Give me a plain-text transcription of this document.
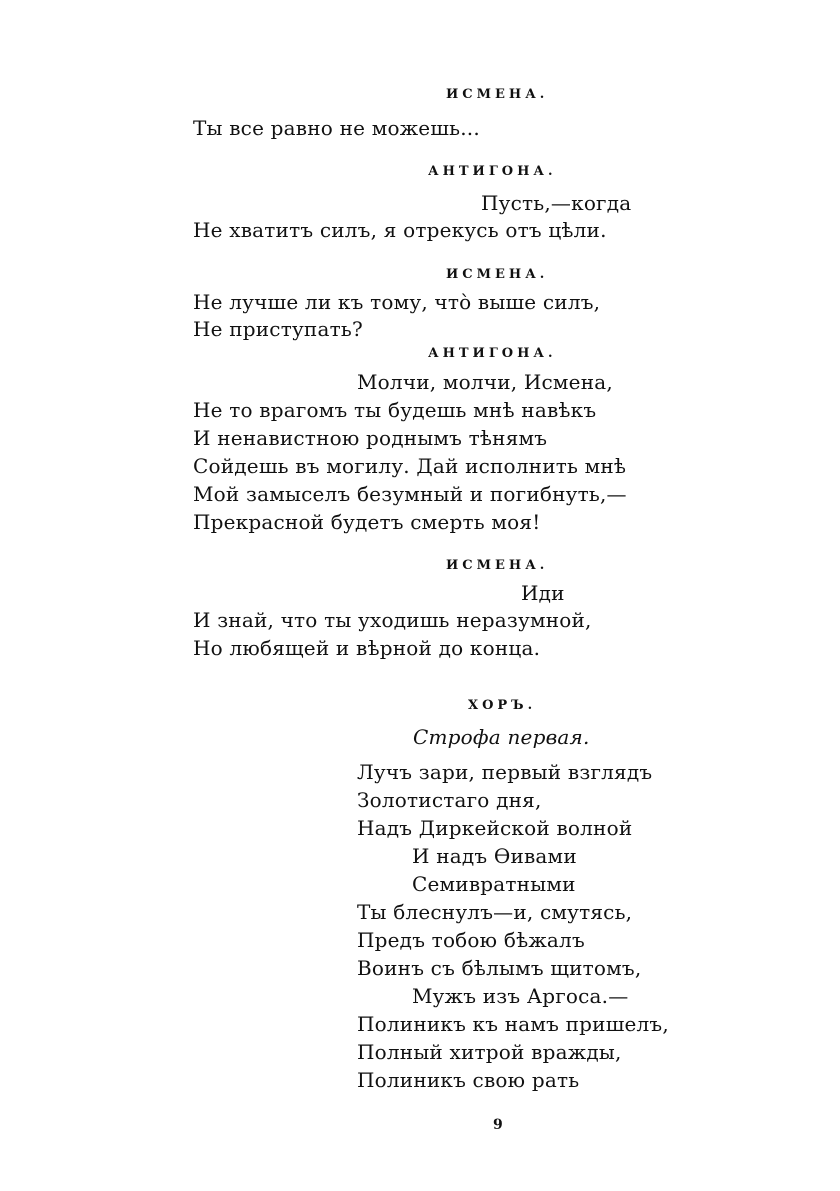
ИСМЕНА.
Ты все равно не можешь...
АНТИГОНА.
Пусть,—когда
Не хватитъ силъ, я отрекусь отъ цѣли.
ИСМЕНА.
Не лучше ли къ тому, что̀ выше силъ,
Не приступать?
АНТИГОНА.
Молчи, молчи, Исмена,
Не то врагомъ ты будешь мнѣ навѣкъ
И ненавистною роднымъ тѣнямъ
Сойдешь въ могилу. Дай исполнить мнѣ
Мой замыселъ безумный и погибнуть,—
Прекрасной будетъ смерть моя!
ИСМЕНА.
Иди
И знай, что ты уходишь неразумной,
Но любящей и вѣрной до конца.
ХОРЪ.
Строфа первая.
Лучъ зари, первый взглядъ
Золотистаго дня,
Надъ Диркейской волной
И надъ Ѳивами
Семивратными
Ты блеснулъ—и, смутясь,
Предъ тобою бѣжалъ
Воинъ съ бѣлымъ щитомъ,
Мужъ изъ Аргоса.—
Полиникъ къ намъ пришелъ,
Полный хитрой вражды,
Полиникъ свою рать
9
